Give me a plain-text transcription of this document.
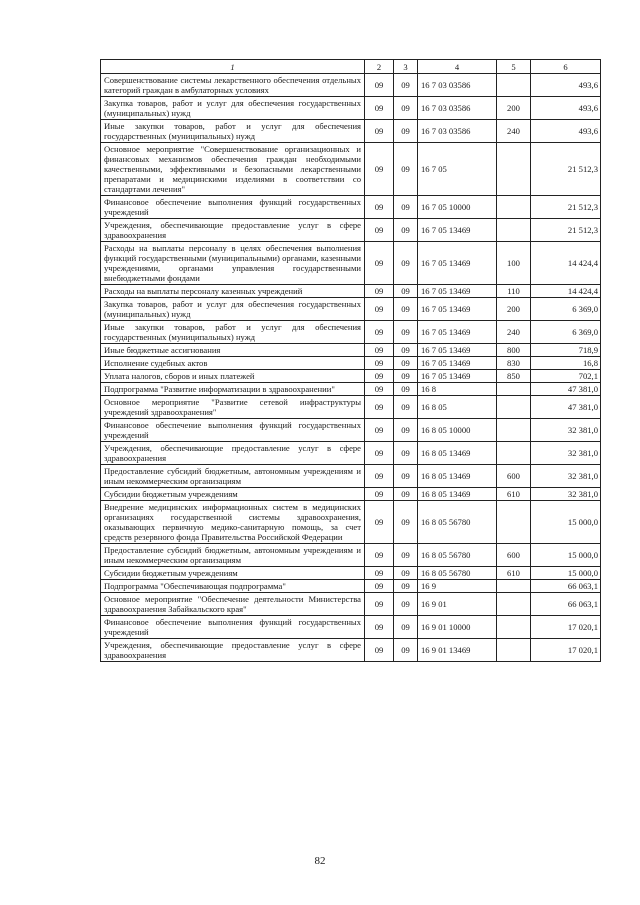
1	2	3	4	5	6
Совершенствование системы лекарственного обеспечения отдельных категорий граждан в амбулаторных условиях	09	09	16 7 03 03586		493,6
Закупка товаров, работ и услуг для обеспечения государственных (муниципальных) нужд	09	09	16 7 03 03586	200	493,6
Иные закупки товаров, работ и услуг для обеспечения государственных (муниципальных) нужд	09	09	16 7 03 03586	240	493,6
Основное мероприятие "Совершенствование организационных и финансовых механизмов обеспечения граждан необходимыми качественными, эффективными и безопасными лекарственными препаратами и медицинскими изделиями в соответствии со стандартами лечения"	09	09	16 7 05		21 512,3
Финансовое обеспечение выполнения функций государственных учреждений	09	09	16 7 05 10000		21 512,3
Учреждения, обеспечивающие предоставление услуг в сфере здравоохранения	09	09	16 7 05 13469		21 512,3
Расходы на выплаты персоналу в целях обеспечения выполнения функций государственными (муниципальными) органами, казенными учреждениями, органами управления государственными внебюджетными фондами	09	09	16 7 05 13469	100	14 424,4
Расходы на выплаты персоналу казенных учреждений	09	09	16 7 05 13469	110	14 424,4
Закупка товаров, работ и услуг для обеспечения государственных (муниципальных) нужд	09	09	16 7 05 13469	200	6 369,0
Иные закупки товаров, работ и услуг для обеспечения государственных (муниципальных) нужд	09	09	16 7 05 13469	240	6 369,0
Иные бюджетные ассигнования	09	09	16 7 05 13469	800	718,9
Исполнение судебных актов	09	09	16 7 05 13469	830	16,8
Уплата налогов, сборов и иных платежей	09	09	16 7 05 13469	850	702,1
Подпрограмма "Развитие информатизации в здравоохранении"	09	09	16 8		47 381,0
Основное мероприятие "Развитие сетевой инфраструктуры учреждений здравоохранения"	09	09	16 8 05		47 381,0
Финансовое обеспечение выполнения функций государственных учреждений	09	09	16 8 05 10000		32 381,0
Учреждения, обеспечивающие предоставление услуг в сфере здравоохранения	09	09	16 8 05 13469		32 381,0
Предоставление субсидий бюджетным, автономным учреждениям и иным некоммерческим организациям	09	09	16 8 05 13469	600	32 381,0
Субсидии бюджетным учреждениям	09	09	16 8 05 13469	610	32 381,0
Внедрение медицинских информационных систем в медицинских организациях государственной системы здравоохранения, оказывающих первичную медико-санитарную помощь, за счет средств резервного фонда Правительства Российской Федерации	09	09	16 8 05 56780		15 000,0
Предоставление субсидий бюджетным, автономным учреждениям и иным некоммерческим организациям	09	09	16 8 05 56780	600	15 000,0
Субсидии бюджетным учреждениям	09	09	16 8 05 56780	610	15 000,0
Подпрограмма "Обеспечивающая подпрограмма"	09	09	16 9		66 063,1
Основное мероприятие "Обеспечение деятельности Министерства здравоохранения Забайкальского края"	09	09	16 9 01		66 063,1
Финансовое обеспечение выполнения функций государственных учреждений	09	09	16 9 01 10000		17 020,1
Учреждения, обеспечивающие предоставление услуг в сфере здравоохранения	09	09	16 9 01 13469		17 020,1
82
